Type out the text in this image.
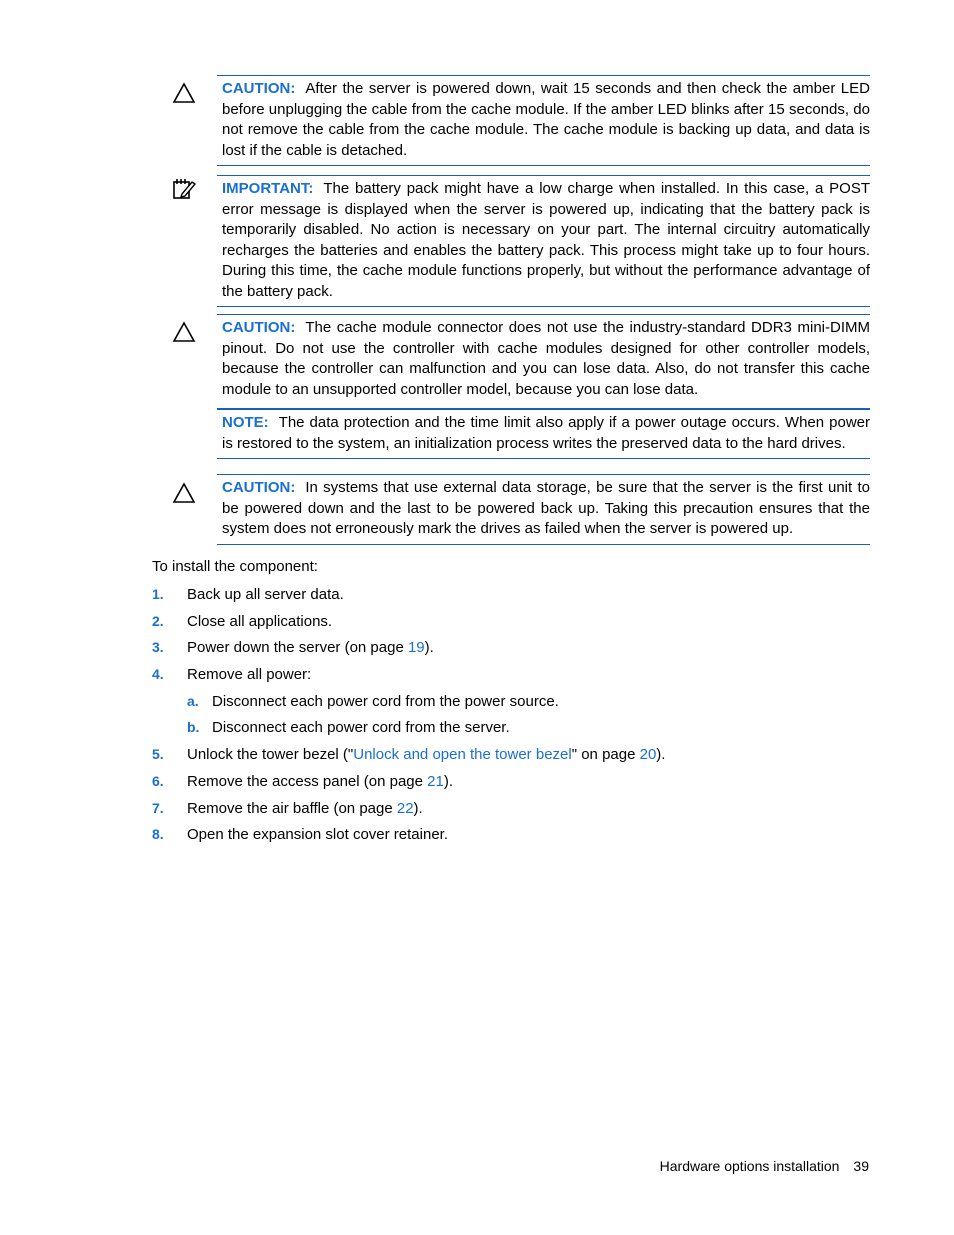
CAUTION: After the server is powered down, wait 15 seconds and then check the amber LED before unplugging the cable from the cache module. If the amber LED blinks after 15 seconds, do not remove the cable from the cache module. The cache module is backing up data, and data is lost if the cable is detached.

IMPORTANT: The battery pack might have a low charge when installed. In this case, a POST error message is displayed when the server is powered up, indicating that the battery pack is temporarily disabled. No action is necessary on your part. The internal circuitry automatically recharges the batteries and enables the battery pack. This process might take up to four hours. During this time, the cache module functions properly, but without the performance advantage of the battery pack.

CAUTION: The cache module connector does not use the industry-standard DDR3 mini-DIMM pinout. Do not use the controller with cache modules designed for other controller models, because the controller can malfunction and you can lose data. Also, do not transfer this cache module to an unsupported controller model, because you can lose data.

NOTE: The data protection and the time limit also apply if a power outage occurs. When power is restored to the system, an initialization process writes the preserved data to the hard drives.

CAUTION: In systems that use external data storage, be sure that the server is the first unit to be powered down and the last to be powered back up. Taking this precaution ensures that the system does not erroneously mark the drives as failed when the server is powered up.

To install the component:
1. Back up all server data.
2. Close all applications.
3. Power down the server (on page 19).
4. Remove all power:
a. Disconnect each power cord from the power source.
b. Disconnect each power cord from the server.
5. Unlock the tower bezel ("Unlock and open the tower bezel" on page 20).
6. Remove the access panel (on page 21).
7. Remove the air baffle (on page 22).
8. Open the expansion slot cover retainer.
Hardware options installation 39
